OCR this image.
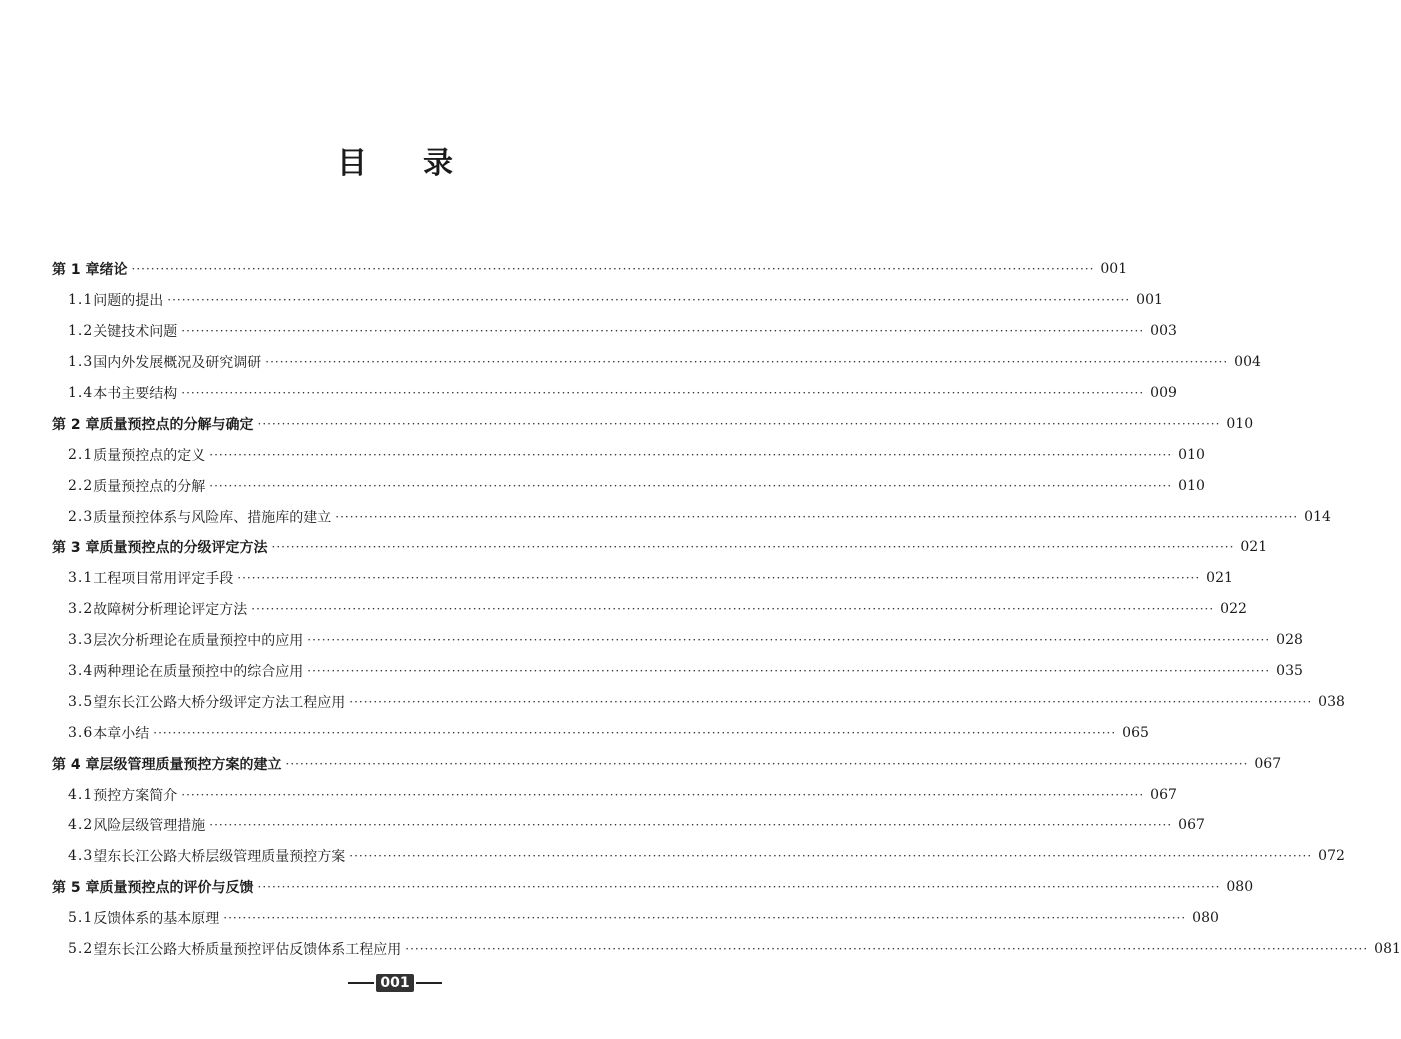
目 录
第 1 章 绪论 ········································································································································································································ 001
1.1 问题的提出 ········································································································································································································ 001
1.2 关键技术问题 ········································································································································································································ 003
1.3 国内外发展概况及研究调研 ········································································································································································································ 004
1.4 本书主要结构 ········································································································································································································ 009
第 2 章 质量预控点的分解与确定 ········································································································································································································ 010
2.1 质量预控点的定义 ········································································································································································································ 010
2.2 质量预控点的分解 ········································································································································································································ 010
2.3 质量预控体系与风险库、措施库的建立 ········································································································································································································ 014
第 3 章 质量预控点的分级评定方法 ········································································································································································································ 021
3.1 工程项目常用评定手段 ········································································································································································································ 021
3.2 故障树分析理论评定方法 ········································································································································································································ 022
3.3 层次分析理论在质量预控中的应用 ········································································································································································································ 028
3.4 两种理论在质量预控中的综合应用 ········································································································································································································ 035
3.5 望东长江公路大桥分级评定方法工程应用 ········································································································································································································ 038
3.6 本章小结 ········································································································································································································ 065
第 4 章 层级管理质量预控方案的建立 ········································································································································································································ 067
4.1 预控方案简介 ········································································································································································································ 067
4.2 风险层级管理措施 ········································································································································································································ 067
4.3 望东长江公路大桥层级管理质量预控方案 ········································································································································································································ 072
第 5 章 质量预控点的评价与反馈 ········································································································································································································ 080
5.1 反馈体系的基本原理 ········································································································································································································ 080
5.2 望东长江公路大桥质量预控评估反馈体系工程应用 ········································································································································································································ 081
001
